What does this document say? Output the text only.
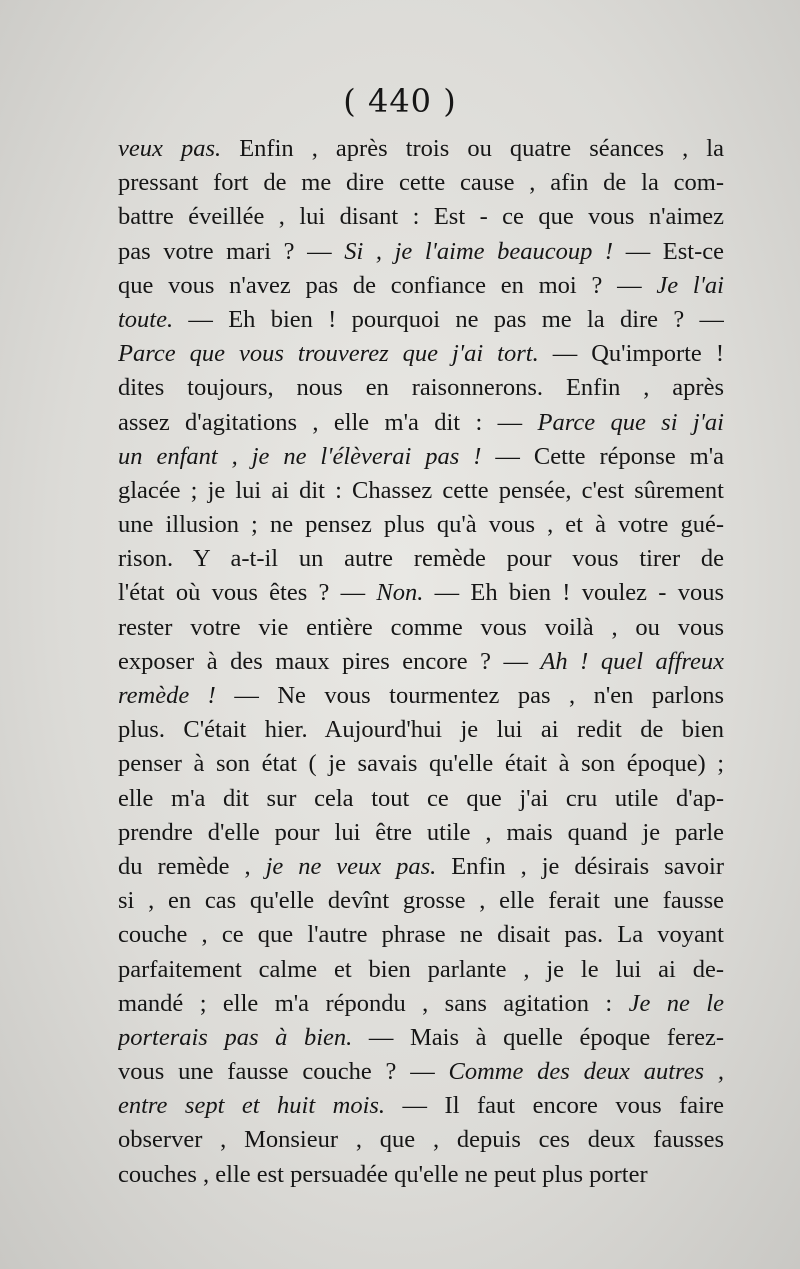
( 440 )
veux pas. Enfin , après trois ou quatre séances , la
pressant fort de me dire cette cause , afin de la com-
battre éveillée , lui disant : Est - ce que vous n'aimez
pas votre mari ? — Si , je l'aime beaucoup ! — Est-ce
que vous n'avez pas de confiance en moi ? — Je l'ai
toute. — Eh bien ! pourquoi ne pas me la dire ? —
Parce que vous trouverez que j'ai tort. — Qu'importe !
dites toujours, nous en raisonnerons. Enfin , après
assez d'agitations , elle m'a dit : — Parce que si j'ai
un enfant , je ne l'élèverai pas ! — Cette réponse m'a
glacée ; je lui ai dit : Chassez cette pensée, c'est sûrement
une illusion ; ne pensez plus qu'à vous , et à votre gué-
rison. Y a-t-il un autre remède pour vous tirer de
l'état où vous êtes ? — Non. — Eh bien ! voulez - vous
rester votre vie entière comme vous voilà , ou vous
exposer à des maux pires encore ? — Ah ! quel affreux
remède ! — Ne vous tourmentez pas , n'en parlons
plus. C'était hier. Aujourd'hui je lui ai redit de bien
penser à son état ( je savais qu'elle était à son époque) ;
elle m'a dit sur cela tout ce que j'ai cru utile d'ap-
prendre d'elle pour lui être utile , mais quand je parle
du remède , je ne veux pas. Enfin , je désirais savoir
si , en cas qu'elle devînt grosse , elle ferait une fausse
couche , ce que l'autre phrase ne disait pas. La voyant
parfaitement calme et bien parlante , je le lui ai de-
mandé ; elle m'a répondu , sans agitation : Je ne le
porterais pas à bien. — Mais à quelle époque ferez-
vous une fausse couche ? — Comme des deux autres ,
entre sept et huit mois. — Il faut encore vous faire
observer , Monsieur , que , depuis ces deux fausses
couches , elle est persuadée qu'elle ne peut plus porter
